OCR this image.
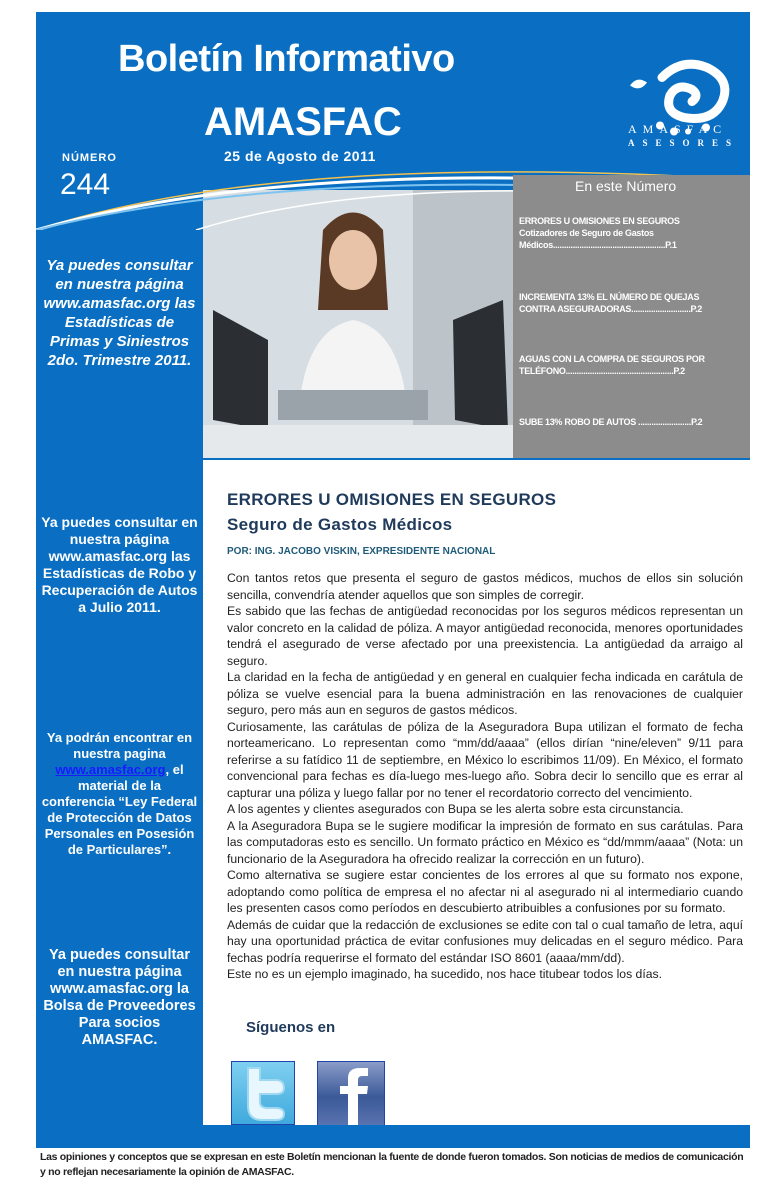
Boletín Informativo
AMASFAC
25 de Agosto de 2011
NÚMERO
244
AMASFAC
ASESORES
En este Número
ERRORES U OMISIONES EN SEGUROS
Cotizadores de Seguro de Gastos
Médicos...................................................P.1
INCREMENTA 13% EL NÚMERO DE QUEJAS
CONTRA ASEGURADORAS...........................P.2
AGUAS CON LA COMPRA DE SEGUROS POR
TELÉFONO.................................................P.2
SUBE 13% ROBO DE AUTOS ........................P.2
Ya puedes consultar en nuestra página www.amasfac.org las Estadísticas de Primas y Siniestros 2do. Trimestre 2011.
Ya puedes consultar en nuestra página www.amasfac.org las Estadísticas de Robo y Recuperación de Autos a Julio 2011.
Ya podrán encontrar en nuestra pagina www.amasfac.org, el material de la conferencia “Ley Federal de Protección de Datos Personales en Posesión de Particulares”.
Ya puedes consultar en nuestra página www.amasfac.org la Bolsa de Proveedores Para socios AMASFAC.
ERRORES U OMISIONES EN SEGUROS
Seguro de Gastos Médicos
POR: ING. JACOBO VISKIN, EXPRESIDENTE NACIONAL

Con tantos retos que presenta el seguro de gastos médicos, muchos de ellos sin solución sencilla, convendría atender aquellos que son simples de corregir.

Es sabido que las fechas de antigüedad reconocidas por los seguros médicos representan un valor concreto en la calidad de póliza. A mayor antigüedad reconocida, menores oportunidades tendrá el asegurado de verse afectado por una preexistencia. La antigüedad da arraigo al seguro.

La claridad en la fecha de antigüedad y en general en cualquier fecha indicada en carátula de póliza se vuelve esencial para la buena administración en las renovaciones de cualquier seguro, pero más aun en seguros de gastos médicos.

Curiosamente, las carátulas de póliza de la Aseguradora Bupa utilizan el formato de fecha norteamericano. Lo representan como “mm/dd/aaaa” (ellos dirían “nine/eleven” 9/11 para referirse a su fatídico 11 de septiembre, en México lo escribimos 11/09). En México, el formato convencional para fechas es día-luego mes-luego año. Sobra decir lo sencillo que es errar al capturar una póliza y luego fallar por no tener el recordatorio correcto del vencimiento.

A los agentes y clientes asegurados con Bupa se les alerta sobre esta circunstancia.

A la Aseguradora Bupa se le sugiere modificar la impresión de formato en sus carátulas. Para las computadoras esto es sencillo. Un formato práctico en México es “dd/mmm/aaaa” (Nota: un funcionario de la Aseguradora ha ofrecido realizar la corrección en un futuro).

Como alternativa se sugiere estar concientes de los errores al que su formato nos expone, adoptando como política de empresa el no afectar ni al asegurado ni al intermediario cuando les presenten casos como períodos en descubierto atribuibles a confusiones por su formato.

Además de cuidar que la redacción de exclusiones se edite con tal o cual tamaño de letra, aquí hay una oportunidad práctica de evitar confusiones muy delicadas en el seguro médico. Para fechas podría requerirse el formato del estándar ISO 8601 (aaaa/mm/dd).

Este no es un ejemplo imaginado, ha sucedido, nos hace titubear todos los días.

Síguenos en
Las opiniones y conceptos que se expresan en este Boletín mencionan la fuente de donde fueron tomados. Son noticias de medios de comunicación y no reflejan necesariamente la opinión de AMASFAC.
